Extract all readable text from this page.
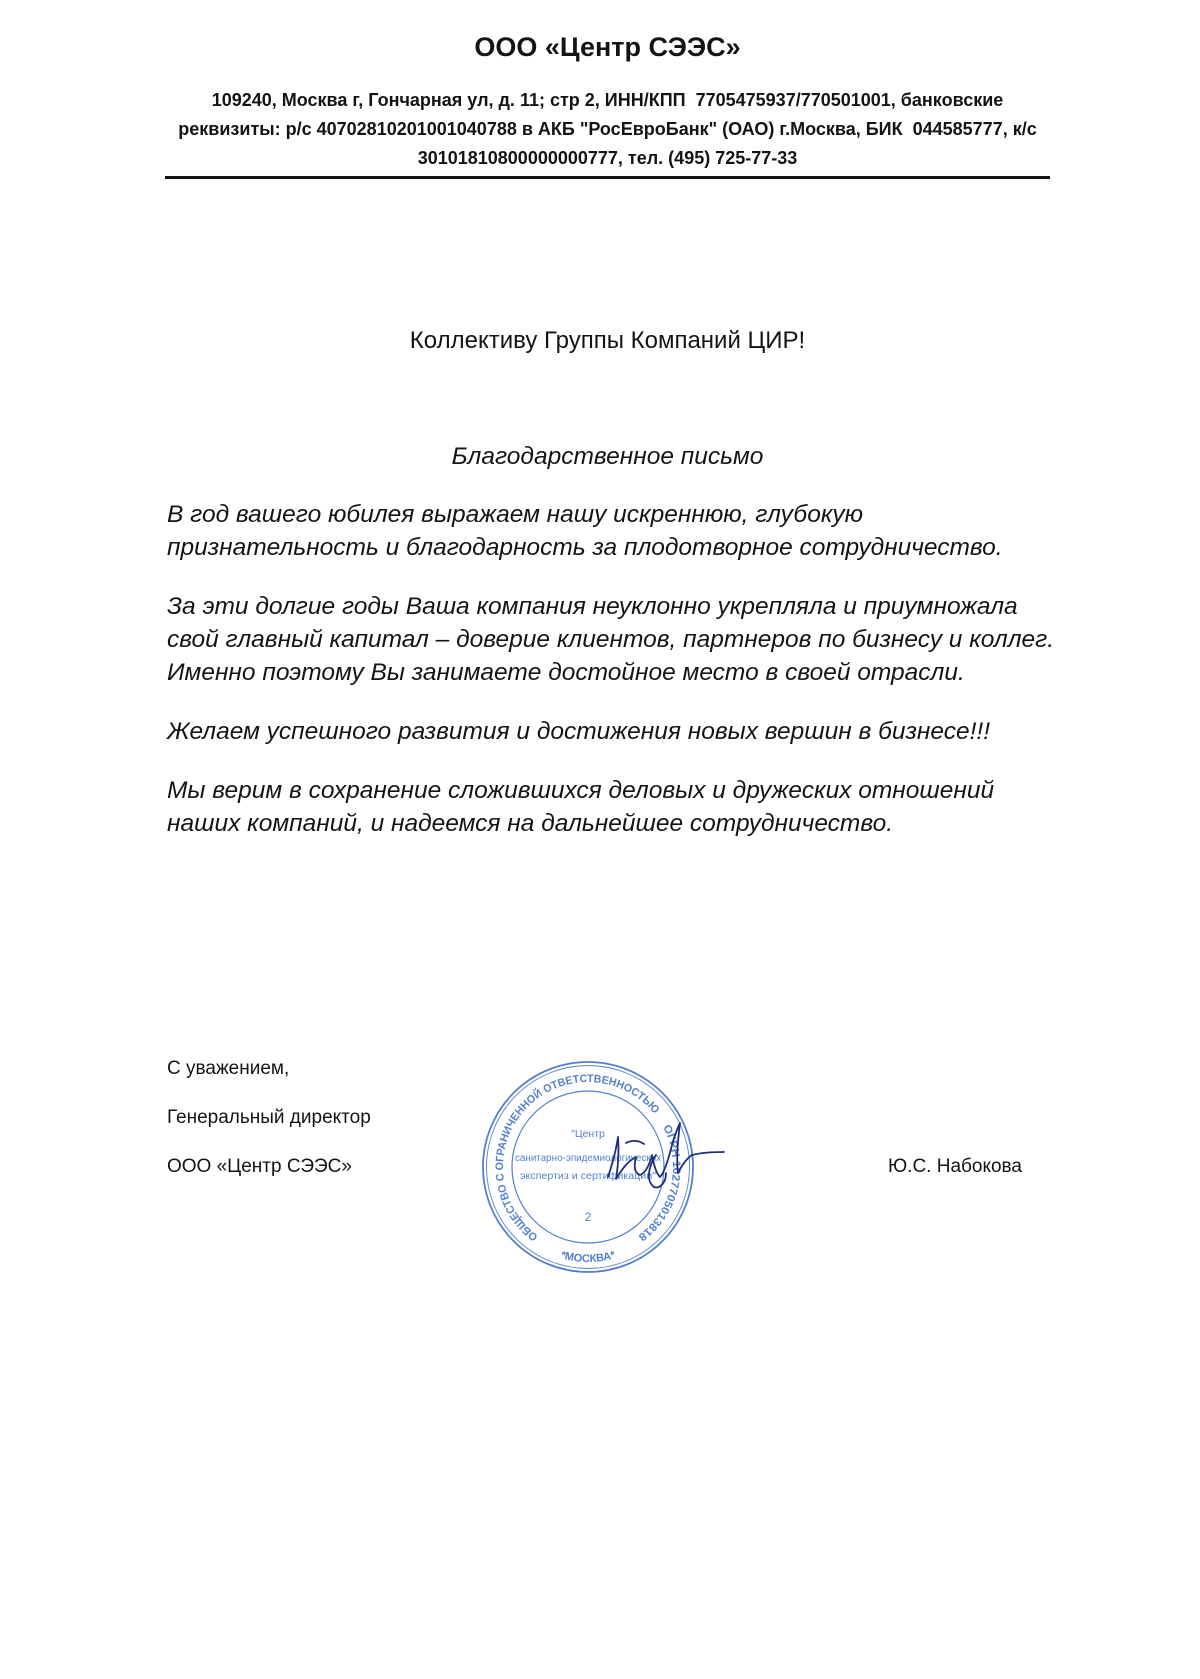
ООО «Центр СЭЭС»
109240, Москва г, Гончарная ул, д. 11; стр 2, ИНН/КПП  7705475937/770501001, банковские
реквизиты: р/с 40702810201001040788 в АКБ "РосЕвроБанк" (ОАО) г.Москва, БИК  044585777, к/с
30101810800000000777, тел. (495) 725-77-33
Коллективу Группы Компаний ЦИР!
Благодарственное письмо

В год вашего юбилея выражаем нашу искреннюю, глубокую
признательность и благодарность за плодотворное сотрудничество.

За эти долгие годы Ваша компания неуклонно укрепляла и приумножала
свой главный капитал – доверие клиентов, партнеров по бизнесу и коллег.
Именно поэтому Вы занимаете достойное место в своей отрасли.

Желаем успешного развития и достижения новых вершин в бизнесе!!!

Мы верим в сохранение сложившихся деловых и дружеских отношений
наших компаний, и надеемся на дальнейшее сотрудничество.

С уважением,
Генеральный директор
ООО «Центр СЭЭС»	Ю.С. Набокова
ОБЩЕСТВО С ОГРАНИЧЕННОЙ ОТВЕТСТВЕННОСТЬЮ
ОГРН 1027705013818
*МОСКВА*
"Центр
санитарно-эпидемиологических
экспертиз и сертификации"
2
